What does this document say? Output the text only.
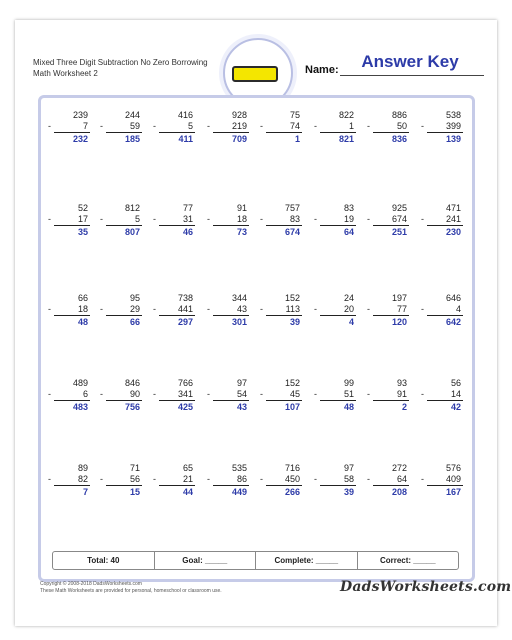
Mixed Three Digit Subtraction No Zero Borrowing
Math Worksheet 2	Name:	Answer Key
239
-	7
232
244
-	59
185
416
-	5
411
928
- 219
709
75
-	74
1
822
-	1
821
886
-	50
836
538
- 399
139
52
-	17
35
812
-	5
807
77
-	31
46
91
-	18
73
757
-	83
674
83
-	19
64
925
- 674
251
471
- 241
230
66
-	18
48
95
-	29
66
738
- 441
297
344
-	43
301
152
-	113
39
24
-	20
4
197
-	77
120
646
-	4
642
489
-	6
483
846
-	90
756
766
- 341
425
97
-	54
43
152
-	45
107
99
-	51
48
93
-	91
2
56
-	14
42
89
-	82
7
71
-	56
15
65
-	21
44
535
-	86
449
716
- 450
266
97
-	58
39
272
-	64
208
576
- 409
167
Total: 40	Goal: _____	Complete: _____	Correct: _____
Copyright © 2008-2018 DadsWorksheets.com
These Math Worksheets are provided for personal, homeschool or classroom use.	DadsWorksheets.com
